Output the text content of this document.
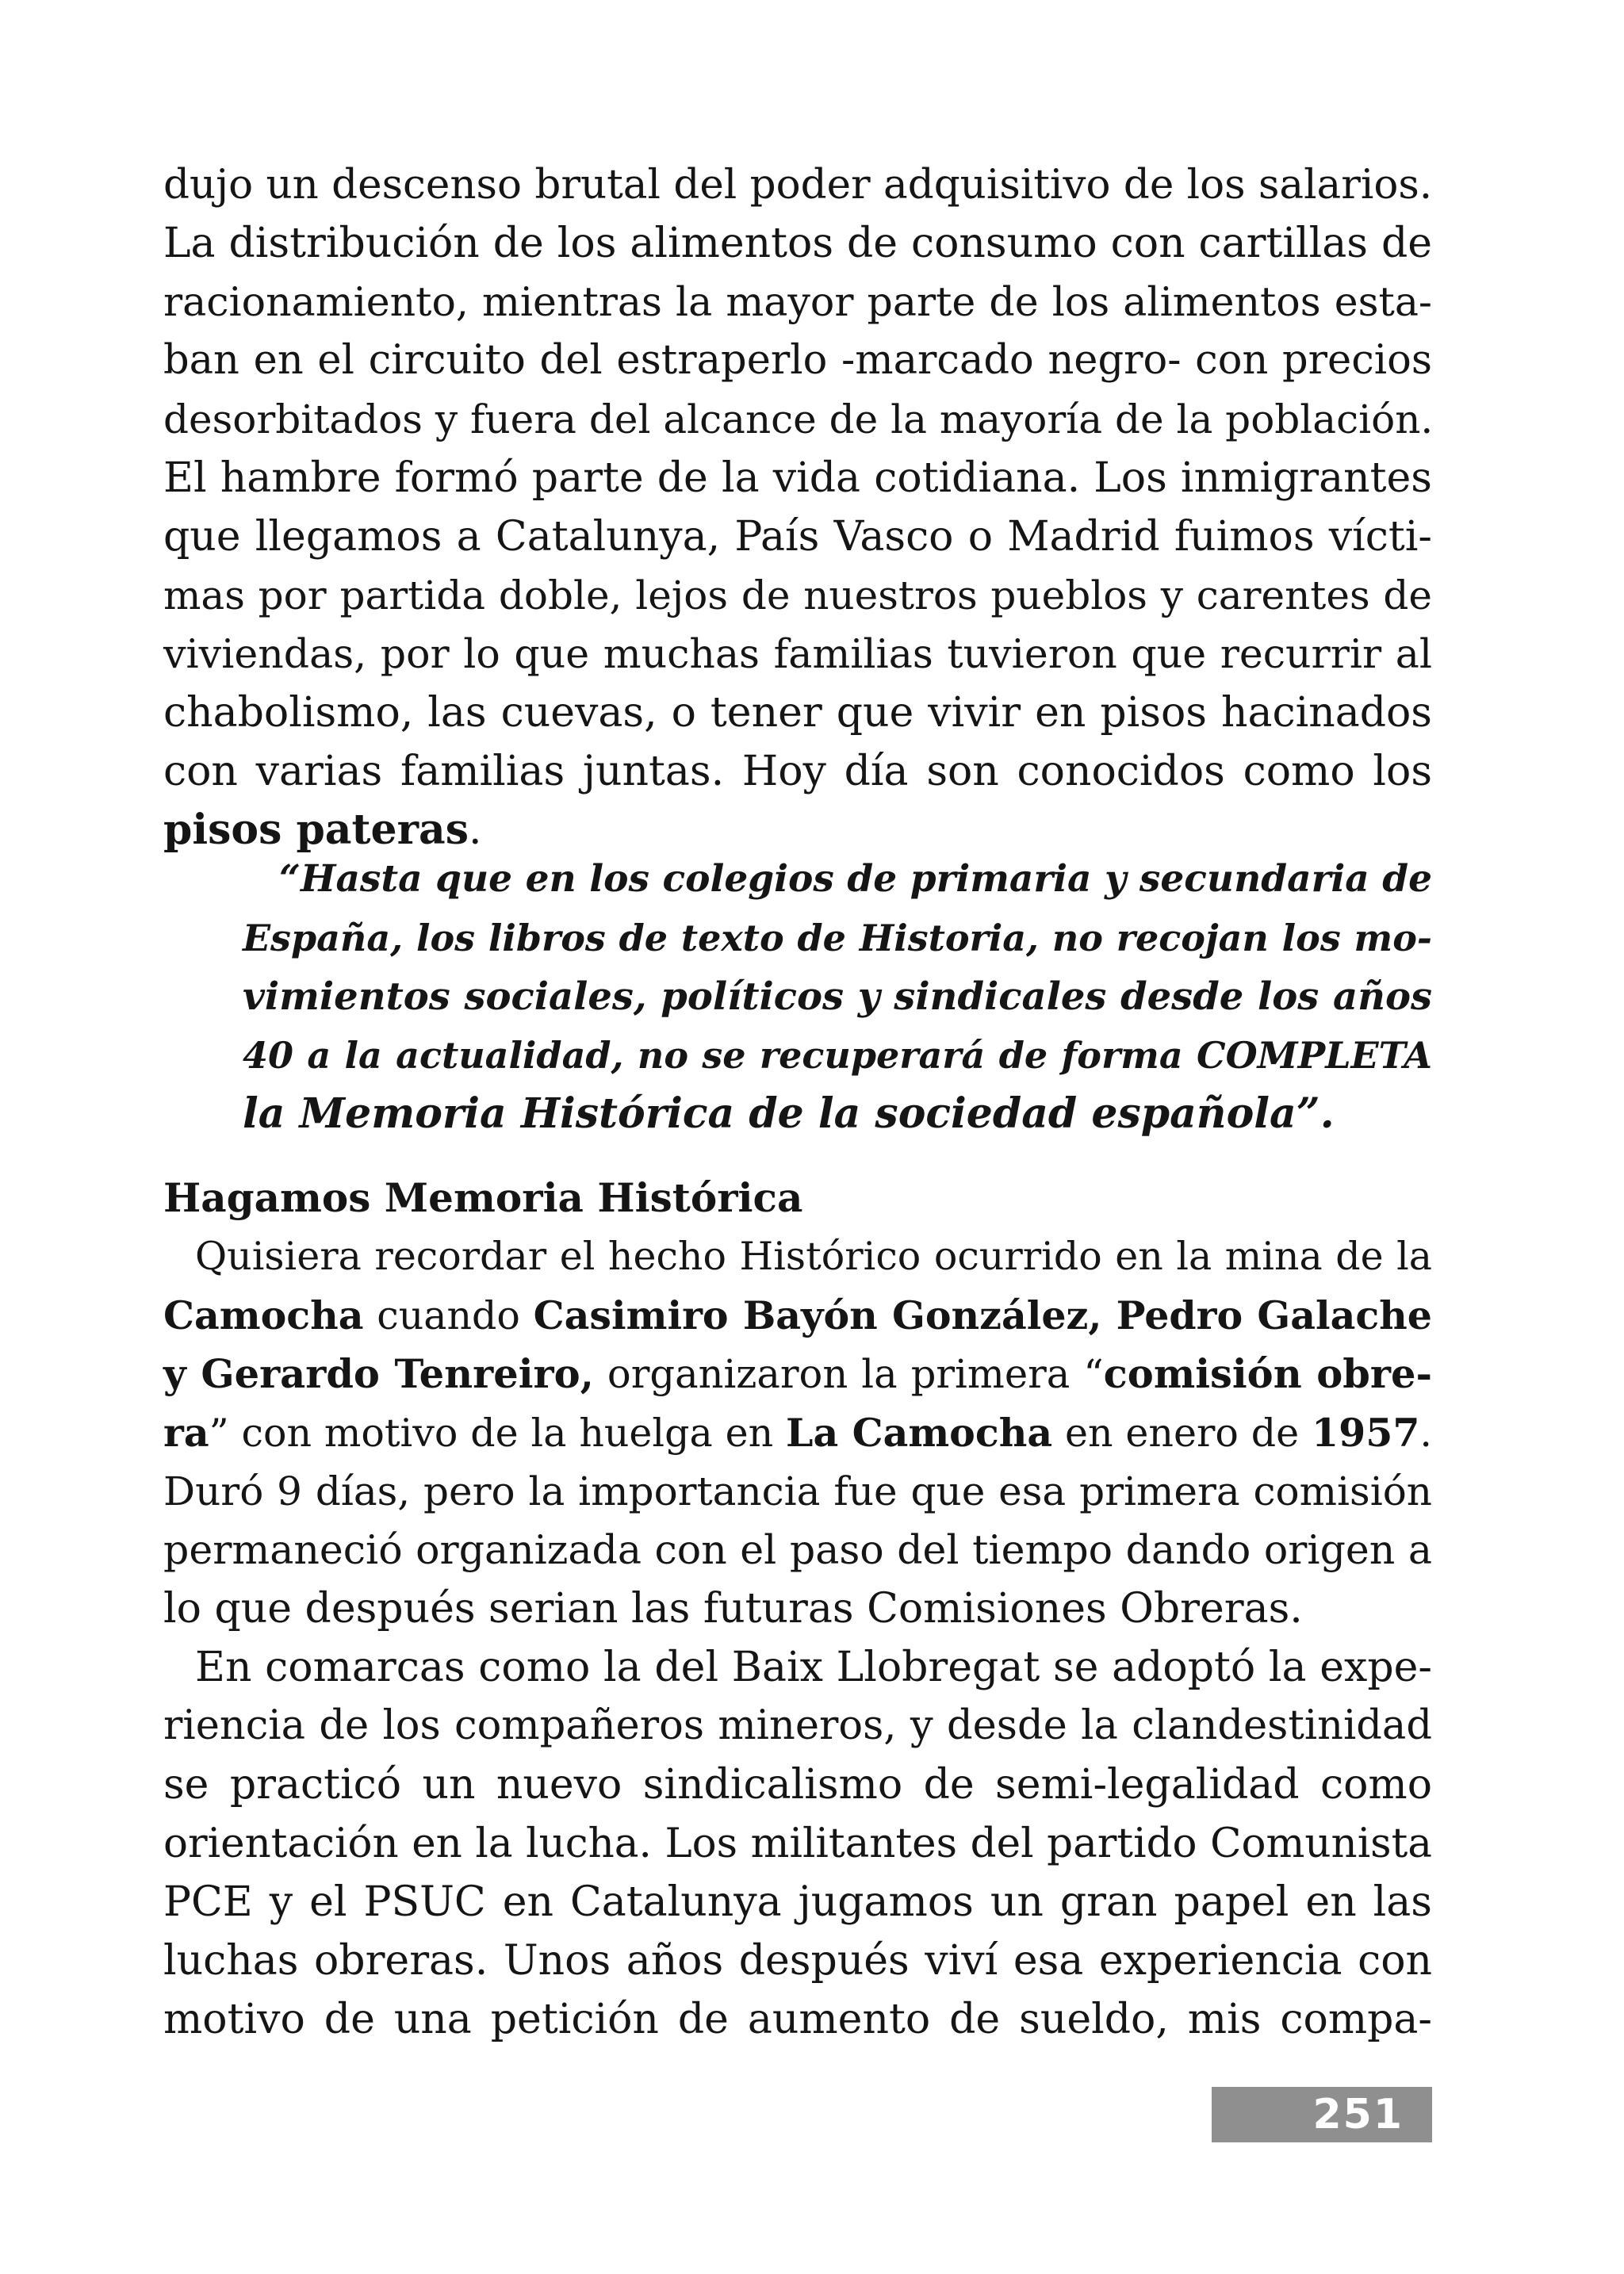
dujo un descenso brutal del poder adquisitivo de los salarios.
La distribución de los alimentos de consumo con cartillas de
racionamiento, mientras la mayor parte de los alimentos esta-
ban en el circuito del estraperlo -marcado negro- con precios
desorbitados y fuera del alcance de la mayoría de la población.
El hambre formó parte de la vida cotidiana. Los inmigrantes
que llegamos a Catalunya, País Vasco o Madrid fuimos vícti-
mas por partida doble, lejos de nuestros pueblos y carentes de
viviendas, por lo que muchas familias tuvieron que recurrir al
chabolismo, las cuevas, o tener que vivir en pisos hacinados
con varias familias juntas. Hoy día son conocidos como los
pisos pateras.
“Hasta que en los colegios de primaria y secundaria de
España, los libros de texto de Historia, no recojan los mo-
vimientos sociales, políticos y sindicales desde los años
40 a la actualidad, no se recuperará de forma COMPLETA
la Memoria Histórica de la sociedad española”.
Hagamos Memoria Histórica
Quisiera recordar el hecho Histórico ocurrido en la mina de la
Camocha cuando Casimiro Bayón González, Pedro Galache
y Gerardo Tenreiro, organizaron la primera “comisión obre-
ra” con motivo de la huelga en La Camocha en enero de 1957.
Duró 9 días, pero la importancia fue que esa primera comisión
permaneció organizada con el paso del tiempo dando origen a
lo que después serian las futuras Comisiones Obreras.
En comarcas como la del Baix Llobregat se adoptó la expe-
riencia de los compañeros mineros, y desde la clandestinidad
se practicó un nuevo sindicalismo de semi-legalidad como
orientación en la lucha. Los militantes del partido Comunista
PCE y el PSUC en Catalunya jugamos un gran papel en las
luchas obreras. Unos años después viví esa experiencia con
motivo de una petición de aumento de sueldo, mis compa-
251
